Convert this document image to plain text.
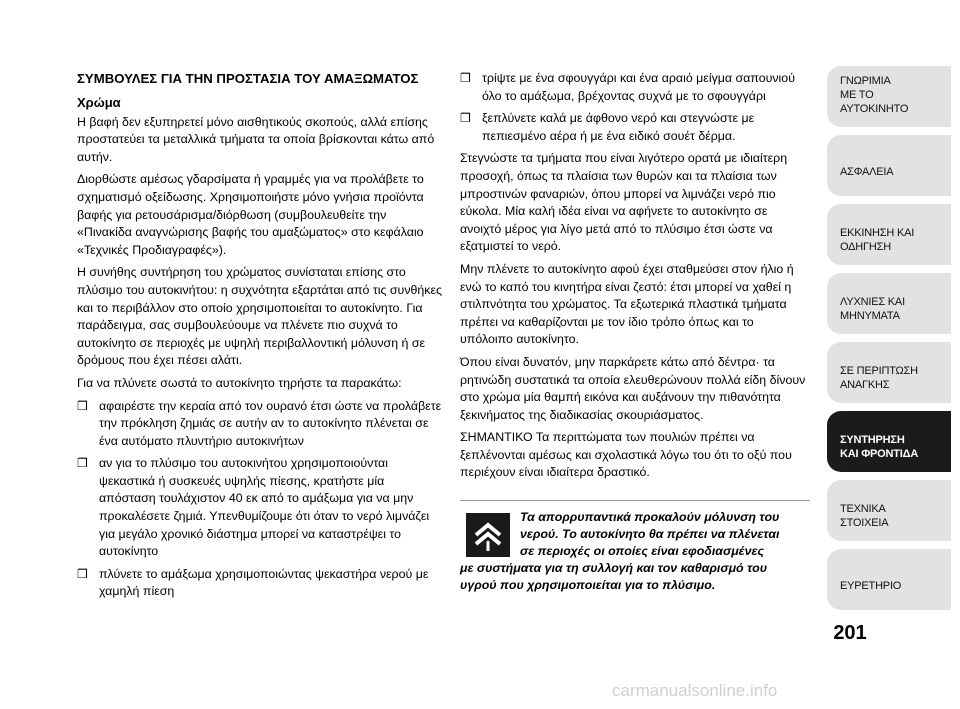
ΣΥΜΒΟΥΛΕΣ ΓΙΑ ΤΗΝ ΠΡΟΣΤΑΣΙΑ ΤΟΥ ΑΜΑΞΩΜΑΤΟΣ
Χρώμα
Η βαφή δεν εξυπηρετεί μόνο αισθητικούς σκοπούς, αλλά επίσης προστατεύει τα μεταλλικά τμήματα τα οποία βρίσκονται κάτω από αυτήν.
Διορθώστε αμέσως γδαρσίματα ή γραμμές για να προλάβετε το σχηματισμό οξείδωσης. Χρησιμοποιήστε μόνο γνήσια προϊόντα βαφής για ρετουσάρισμα/διόρθωση (συμβουλευθείτε την «Πινακίδα αναγνώρισης βαφής του αμαξώματος» στο κεφάλαιο «Τεχνικές Προδιαγραφές»).
Η συνήθης συντήρηση του χρώματος συνίσταται επίσης στο πλύσιμο του αυτοκινήτου: η συχνότητα εξαρτάται από τις συνθήκες και το περιβάλλον στο οποίο χρησιμοποιείται το αυτοκίνητο. Για παράδειγμα, σας συμβουλεύουμε να πλένετε πιο συχνά το αυτοκίνητο σε περιοχές με υψηλή περιβαλλοντική μόλυνση ή σε δρόμους που έχει πέσει αλάτι.
Για να πλύνετε σωστά το αυτοκίνητο τηρήστε τα παρακάτω:
❒ αφαιρέστε την κεραία από τον ουρανό έτσι ώστε να προλάβετε την πρόκληση ζημιάς σε αυτήν αν το αυτοκίνητο πλένεται σε ένα αυτόματο πλυντήριο αυτοκινήτων
❒ αν για το πλύσιμο του αυτοκινήτου χρησιμοποιούνται ψεκαστικά ή συσκευές υψηλής πίεσης, κρατήστε μία απόσταση τουλάχιστον 40 εκ από το αμάξωμα για να μην προκαλέσετε ζημιά. Υπενθυμίζουμε ότι όταν το νερό λιμνάζει για μεγάλο χρονικό διάστημα μπορεί να καταστρέψει το αυτοκίνητο
❒ πλύνετε το αμάξωμα χρησιμοποιώντας ψεκαστήρα νερού με χαμηλή πίεση
❒ τρίψτε με ένα σφουγγάρι και ένα αραιό μείγμα σαπουνιού όλο το αμάξωμα, βρέχοντας συχνά με το σφουγγάρι
❒ ξεπλύνετε καλά με άφθονο νερό και στεγνώστε με πεπιεσμένο αέρα ή με ένα ειδικό σουέτ δέρμα.
Στεγνώστε τα τμήματα που είναι λιγότερο ορατά με ιδιαίτερη προσοχή, όπως τα πλαίσια των θυρών και τα πλαίσια των μπροστινών φαναριών, όπου μπορεί να λιμνάζει νερό πιο εύκολα. Μία καλή ιδέα είναι να αφήνετε το αυτοκίνητο σε ανοιχτό μέρος για λίγο μετά από το πλύσιμο έτσι ώστε να εξατμιστεί το νερό.
Μην πλένετε το αυτοκίνητο αφού έχει σταθμεύσει στον ήλιο ή ενώ το καπό του κινητήρα είναι ζεστό: έτσι μπορεί να χαθεί η στιλπνότητα του χρώματος. Τα εξωτερικά πλαστικά τμήματα πρέπει να καθαρίζονται με τον ίδιο τρόπο όπως και το υπόλοιπο αυτοκίνητο.
Όπου είναι δυνατόν, μην παρκάρετε κάτω από δέντρα· τα ρητινώδη συστατικά τα οποία ελευθερώνουν πολλά είδη δίνουν στο χρώμα μία θαμπή εικόνα και αυξάνουν την πιθανότητα ξεκινήματος της διαδικασίας σκουριάσματος.
ΣΗΜΑΝΤΙΚΟ Τα περιττώματα των πουλιών πρέπει να ξεπλένονται αμέσως και σχολαστικά λόγω του ότι το οξύ που περιέχουν είναι ιδιαίτερα δραστικό.
Τα απορρυπαντικά προκαλούν μόλυνση του
νερού. Το αυτοκίνητο θα πρέπει να πλένεται
σε περιοχές οι οποίες είναι εφοδιασμένες
με συστήματα για τη συλλογή και τον καθαρισμό του
υγρού που χρησιμοποιείται για το πλύσιμο.
ΓΝΩΡΙΜΙΑ
ΜΕ ΤΟ
ΑΥΤΟΚΙΝΗΤΟ
ΑΣΦΑΛΕΙΑ
ΕΚΚΙΝΗΣΗ ΚΑΙ
ΟΔΗΓΗΣΗ
ΛΥΧΝΙΕΣ ΚΑΙ
ΜΗΝΥΜΑΤΑ
ΣΕ ΠΕΡΙΠΤΩΣΗ
ΑΝΑΓΚΗΣ
ΣΥΝΤΗΡΗΣΗ
ΚΑΙ ΦΡΟΝΤΙΔΑ
ΤΕΧΝΙΚΑ
ΣΤΟΙΧΕΙΑ
ΕΥΡΕΤΗΡΙΟ
201
carmanualsonline.info
